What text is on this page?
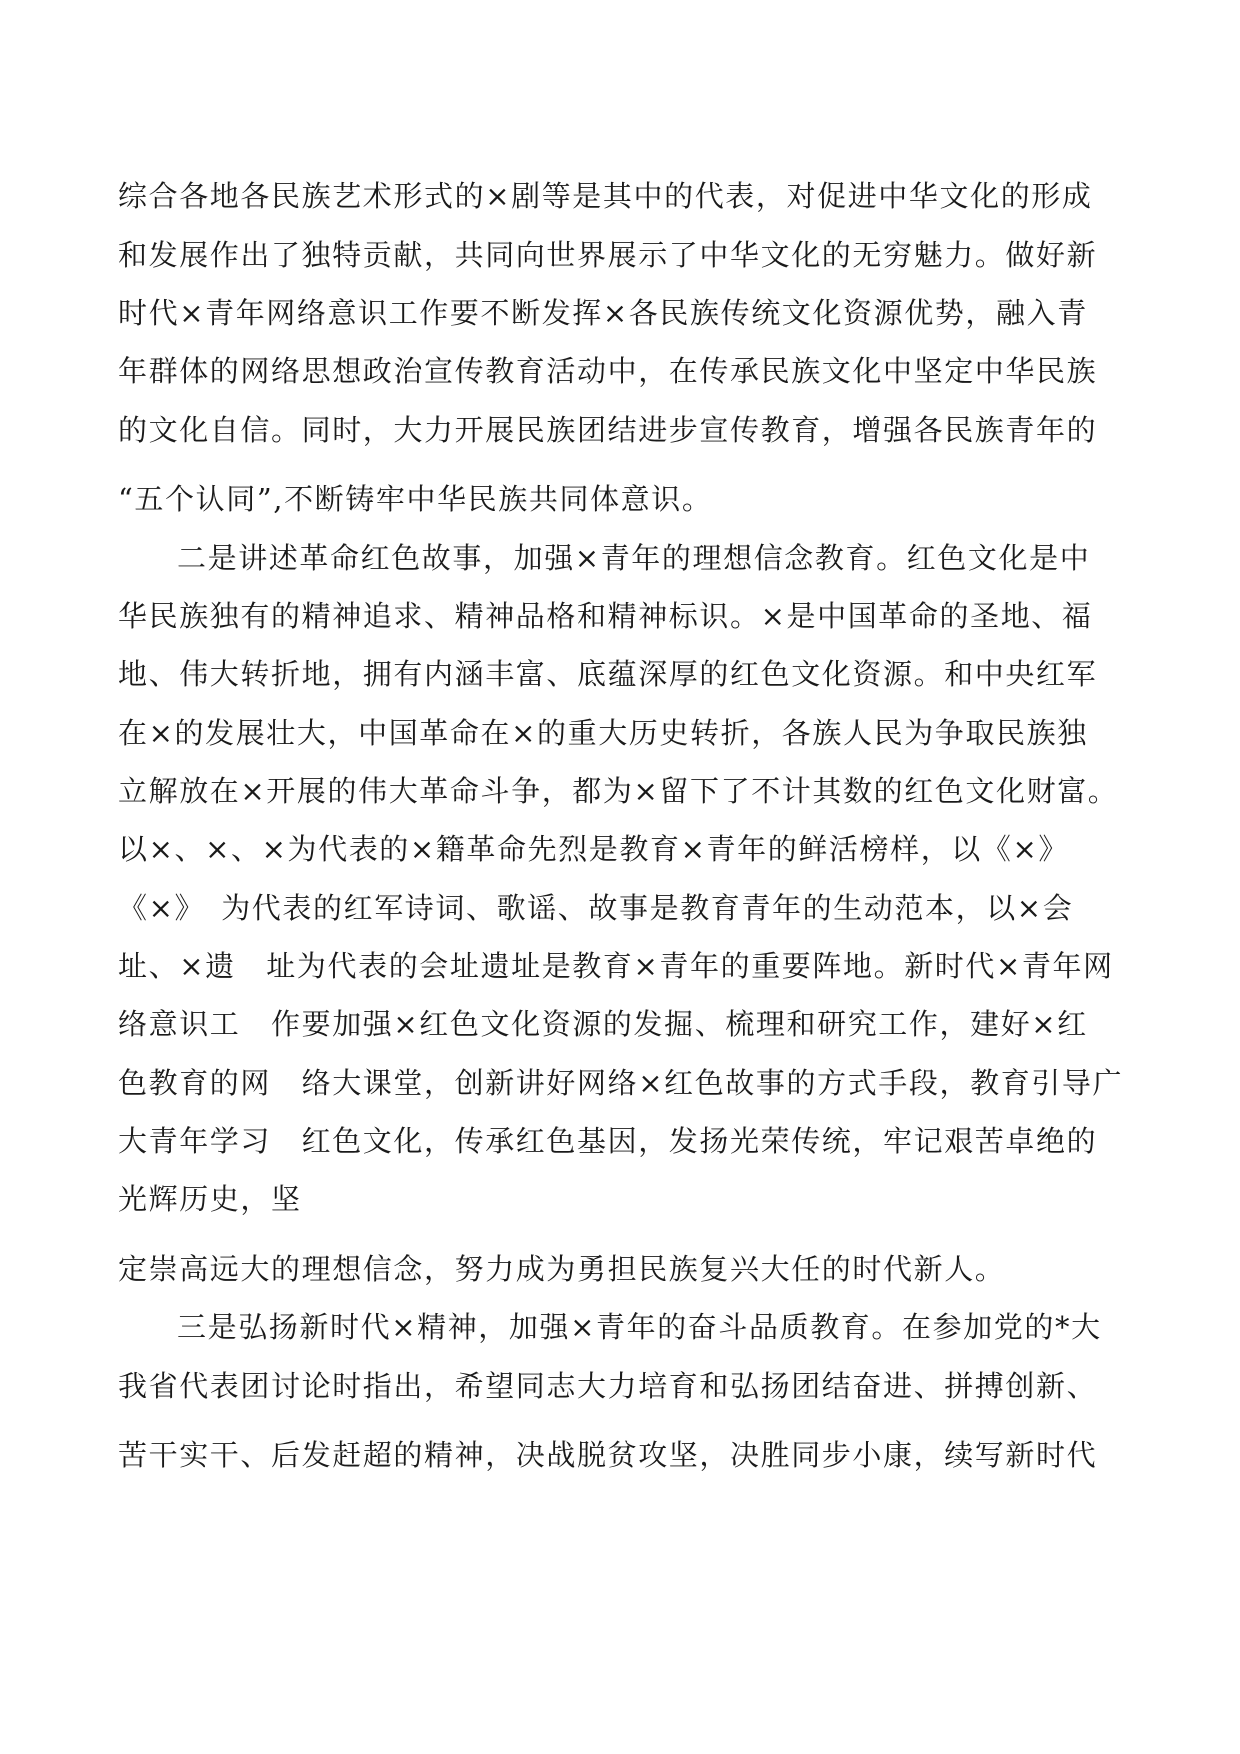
综合各地各民族艺术形式的×剧等是其中的代表，对促进中华文化的形成
和发展作出了独特贡献，共同向世界展示了中华文化的无穷魅力。做好新
时代×青年网络意识工作要不断发挥×各民族传统文化资源优势，融入青
年群体的网络思想政治宣传教育活动中，在传承民族文化中坚定中华民族
的文化自信。同时，大力开展民族团结进步宣传教育，增强各民族青年的
“五个认同”,不断铸牢中华民族共同体意识。
二是讲述革命红色故事，加强×青年的理想信念教育。红色文化是中
华民族独有的精神追求、精神品格和精神标识。×是中国革命的圣地、福
地、伟大转折地，拥有内涵丰富、底蕴深厚的红色文化资源。和中央红军
在×的发展壮大，中国革命在×的重大历史转折，各族人民为争取民族独
立解放在×开展的伟大革命斗争，都为×留下了不计其数的红色文化财富。
以×、×、×为代表的×籍革命先烈是教育×青年的鲜活榜样，以《×》
《×》　为代表的红军诗词、歌谣、故事是教育青年的生动范本，以×会
址、×遗　址为代表的会址遗址是教育×青年的重要阵地。新时代×青年网
络意识工　作要加强×红色文化资源的发掘、梳理和研究工作，建好×红
色教育的网　络大课堂，创新讲好网络×红色故事的方式手段，教育引导广
大青年学习　红色文化，传承红色基因，发扬光荣传统，牢记艰苦卓绝的
光辉历史，坚
定崇高远大的理想信念，努力成为勇担民族复兴大任的时代新人。
三是弘扬新时代×精神，加强×青年的奋斗品质教育。在参加党的*大
我省代表团讨论时指出，希望同志大力培育和弘扬团结奋进、拼搏创新、
苦干实干、后发赶超的精神，决战脱贫攻坚，决胜同步小康，续写新时代
